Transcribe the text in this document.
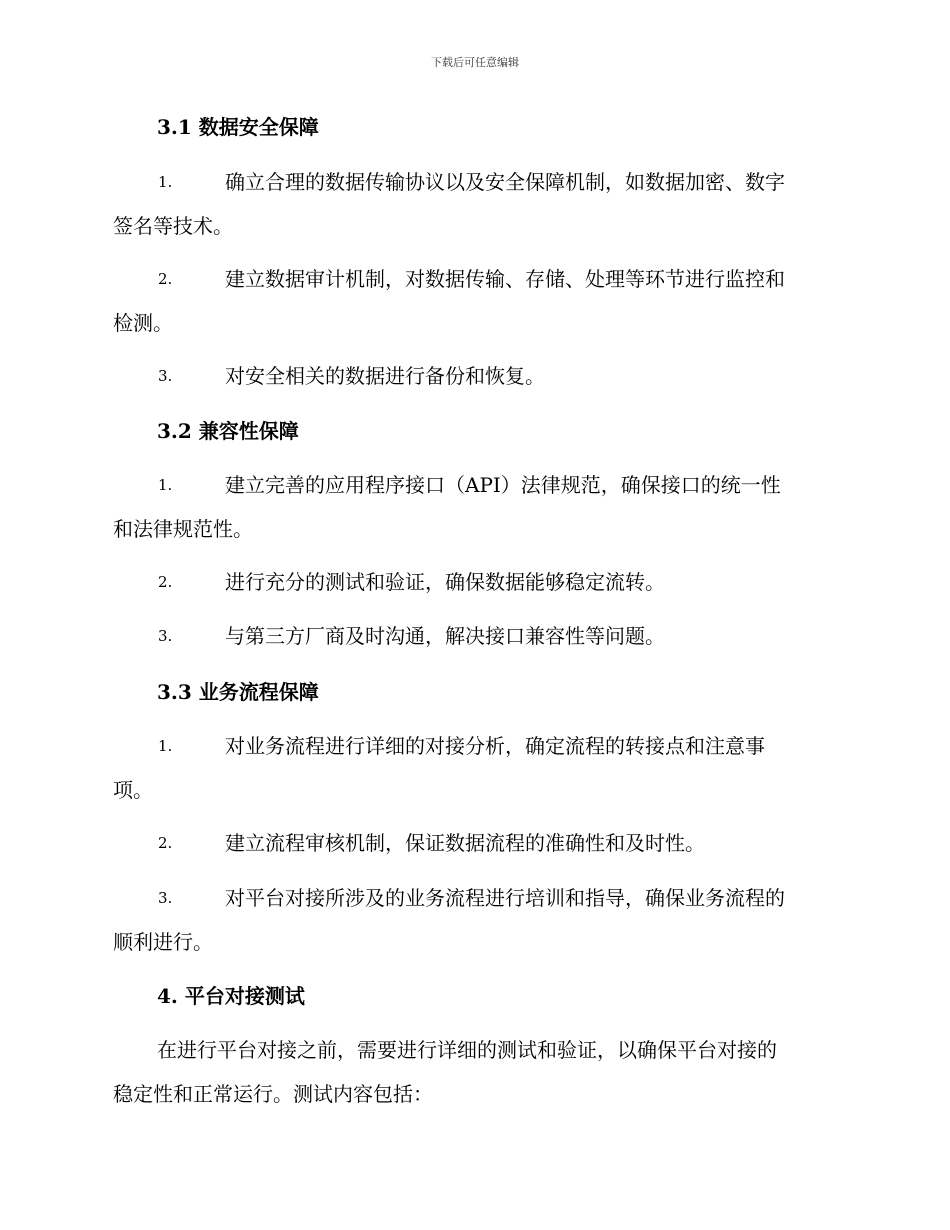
下载后可任意编辑
3.1 数据安全保障
1.	确立合理的数据传输协议以及安全保障机制，如数据加密、数字
签名等技术。
2.	建立数据审计机制，对数据传输、存储、处理等环节进行监控和
检测。
3.	对安全相关的数据进行备份和恢复。
3.2 兼容性保障
1.	建立完善的应用程序接口（API）法律规范，确保接口的统一性
和法律规范性。
2.	进行充分的测试和验证，确保数据能够稳定流转。
3.	与第三方厂商及时沟通，解决接口兼容性等问题。
3.3 业务流程保障
1.	对业务流程进行详细的对接分析，确定流程的转接点和注意事
项。
2.	建立流程审核机制，保证数据流程的准确性和及时性。
3.	对平台对接所涉及的业务流程进行培训和指导，确保业务流程的
顺利进行。
4. 平台对接测试
在进行平台对接之前，需要进行详细的测试和验证，以确保平台对接的
稳定性和正常运行。测试内容包括：
